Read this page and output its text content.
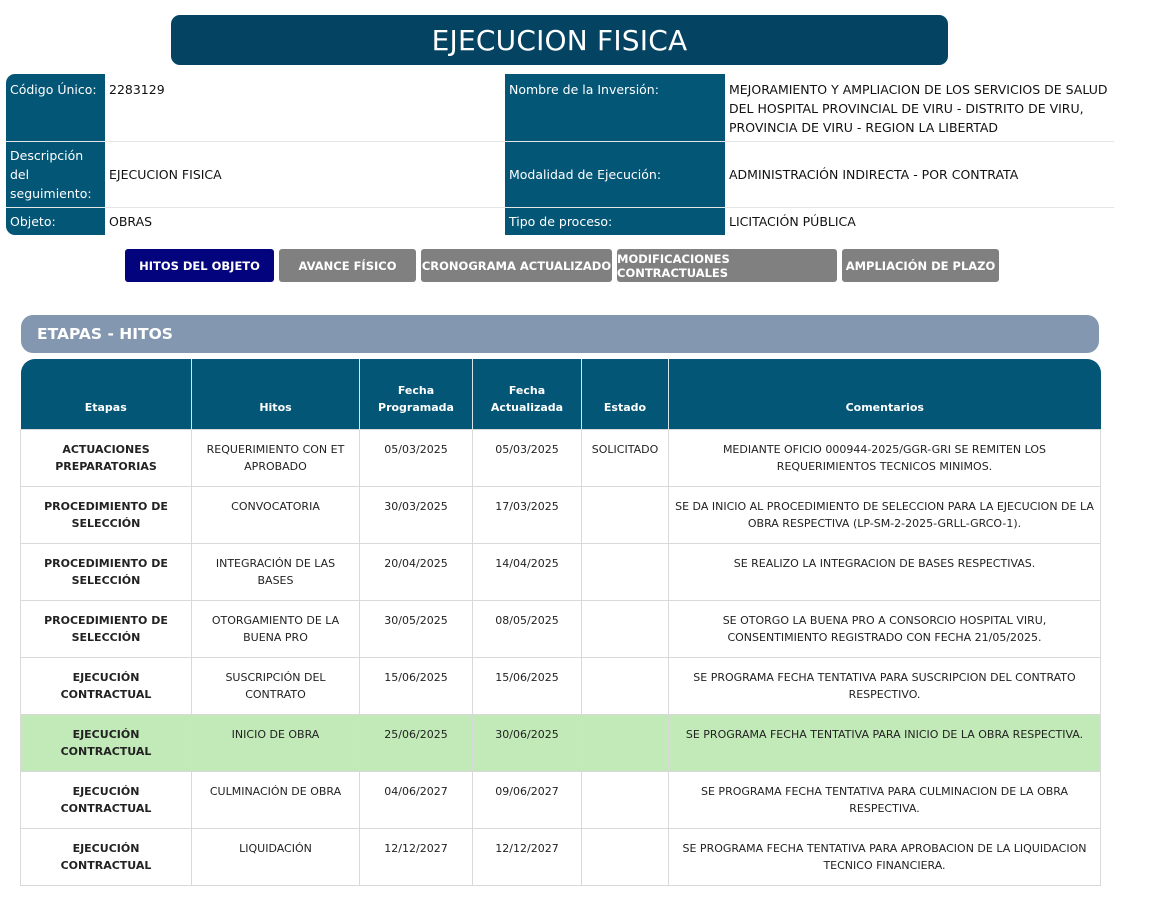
EJECUCION FISICA
Código Único:	2283129	Nombre de la Inversión:	MEJORAMIENTO Y AMPLIACION DE LOS SERVICIOS DE SALUD DEL HOSPITAL PROVINCIAL DE VIRU - DISTRITO DE VIRU, PROVINCIA DE VIRU - REGION LA LIBERTAD
Descripción del seguimiento:	EJECUCION FISICA	Modalidad de Ejecución:	ADMINISTRACIÓN INDIRECTA - POR CONTRATA
Objeto:	OBRAS	Tipo de proceso:	LICITACIÓN PÚBLICA
HITOS DEL OBJETO	AVANCE FÍSICO	CRONOGRAMA ACTUALIZADO MODIFICACIONES CONTRACTUALES	AMPLIACIÓN DE PLAZO
ETAPAS - HITOS
Etapas	Hitos	Fecha Programada	Fecha Actualizada	Estado	Comentarios
ACTUACIONES PREPARATORIAS	REQUERIMIENTO CON ET APROBADO	05/03/2025	05/03/2025	SOLICITADO	MEDIANTE OFICIO 000944-2025/GGR-GRI SE REMITEN LOS REQUERIMIENTOS TECNICOS MINIMOS.
PROCEDIMIENTO DE SELECCIÓN	CONVOCATORIA	30/03/2025	17/03/2025		SE DA INICIO AL PROCEDIMIENTO DE SELECCION PARA LA EJECUCION DE LA OBRA RESPECTIVA (LP-SM-2-2025-GRLL-GRCO-1).
PROCEDIMIENTO DE SELECCIÓN	INTEGRACIÓN DE LAS BASES	20/04/2025	14/04/2025		SE REALIZO LA INTEGRACION DE BASES RESPECTIVAS.
PROCEDIMIENTO DE SELECCIÓN	OTORGAMIENTO DE LA BUENA PRO	30/05/2025	08/05/2025		SE OTORGO LA BUENA PRO A CONSORCIO HOSPITAL VIRU, CONSENTIMIENTO REGISTRADO CON FECHA 21/05/2025.
EJECUCIÓN CONTRACTUAL	SUSCRIPCIÓN DEL CONTRATO	15/06/2025	15/06/2025		SE PROGRAMA FECHA TENTATIVA PARA SUSCRIPCION DEL CONTRATO RESPECTIVO.
EJECUCIÓN CONTRACTUAL	INICIO DE OBRA	25/06/2025	30/06/2025		SE PROGRAMA FECHA TENTATIVA PARA INICIO DE LA OBRA RESPECTIVA.
EJECUCIÓN CONTRACTUAL	CULMINACIÓN DE OBRA	04/06/2027	09/06/2027		SE PROGRAMA FECHA TENTATIVA PARA CULMINACION DE LA OBRA RESPECTIVA.
EJECUCIÓN CONTRACTUAL	LIQUIDACIÓN	12/12/2027	12/12/2027		SE PROGRAMA FECHA TENTATIVA PARA APROBACION DE LA LIQUIDACION TECNICO FINANCIERA.
